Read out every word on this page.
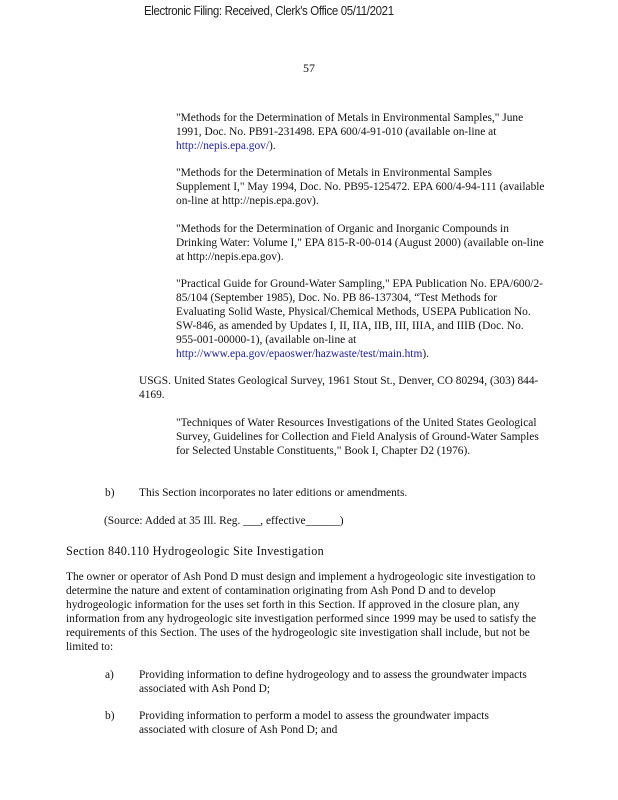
Electronic Filing: Received, Clerk's Office 05/11/2021
57
"Methods for the Determination of Metals in Environmental Samples," June 1991, Doc. No. PB91-231498. EPA 600/4-91-010 (available on-line at http://nepis.epa.gov/).
"Methods for the Determination of Metals in Environmental Samples Supplement I," May 1994, Doc. No. PB95-125472. EPA 600/4-94-111 (available on-line at http://nepis.epa.gov).
"Methods for the Determination of Organic and Inorganic Compounds in Drinking Water: Volume I," EPA 815-R-00-014 (August 2000) (available on-line at http://nepis.epa.gov).
"Practical Guide for Ground-Water Sampling," EPA Publication No. EPA/600/2-85/104 (September 1985), Doc. No. PB 86-137304, “Test Methods for Evaluating Solid Waste, Physical/Chemical Methods, USEPA Publication No. SW-846, as amended by Updates I, II, IIA, IIB, III, IIIA, and IIIB (Doc. No. 955-001-00000-1), (available on-line at http://www.epa.gov/epaoswer/hazwaste/test/main.htm).
USGS. United States Geological Survey, 1961 Stout St., Denver, CO 80294, (303) 844-4169.
"Techniques of Water Resources Investigations of the United States Geological Survey, Guidelines for Collection and Field Analysis of Ground-Water Samples for Selected Unstable Constituents," Book I, Chapter D2 (1976).
b) This Section incorporates no later editions or amendments.
(Source: Added at 35 Ill. Reg. ___, effective______)
Section 840.110 Hydrogeologic Site Investigation
The owner or operator of Ash Pond D must design and implement a hydrogeologic site investigation to determine the nature and extent of contamination originating from Ash Pond D and to develop hydrogeologic information for the uses set forth in this Section. If approved in the closure plan, any information from any hydrogeologic site investigation performed since 1999 may be used to satisfy the requirements of this Section. The uses of the hydrogeologic site investigation shall include, but not be limited to:
a) Providing information to define hydrogeology and to assess the groundwater impacts associated with Ash Pond D;
b) Providing information to perform a model to assess the groundwater impacts associated with closure of Ash Pond D; and
